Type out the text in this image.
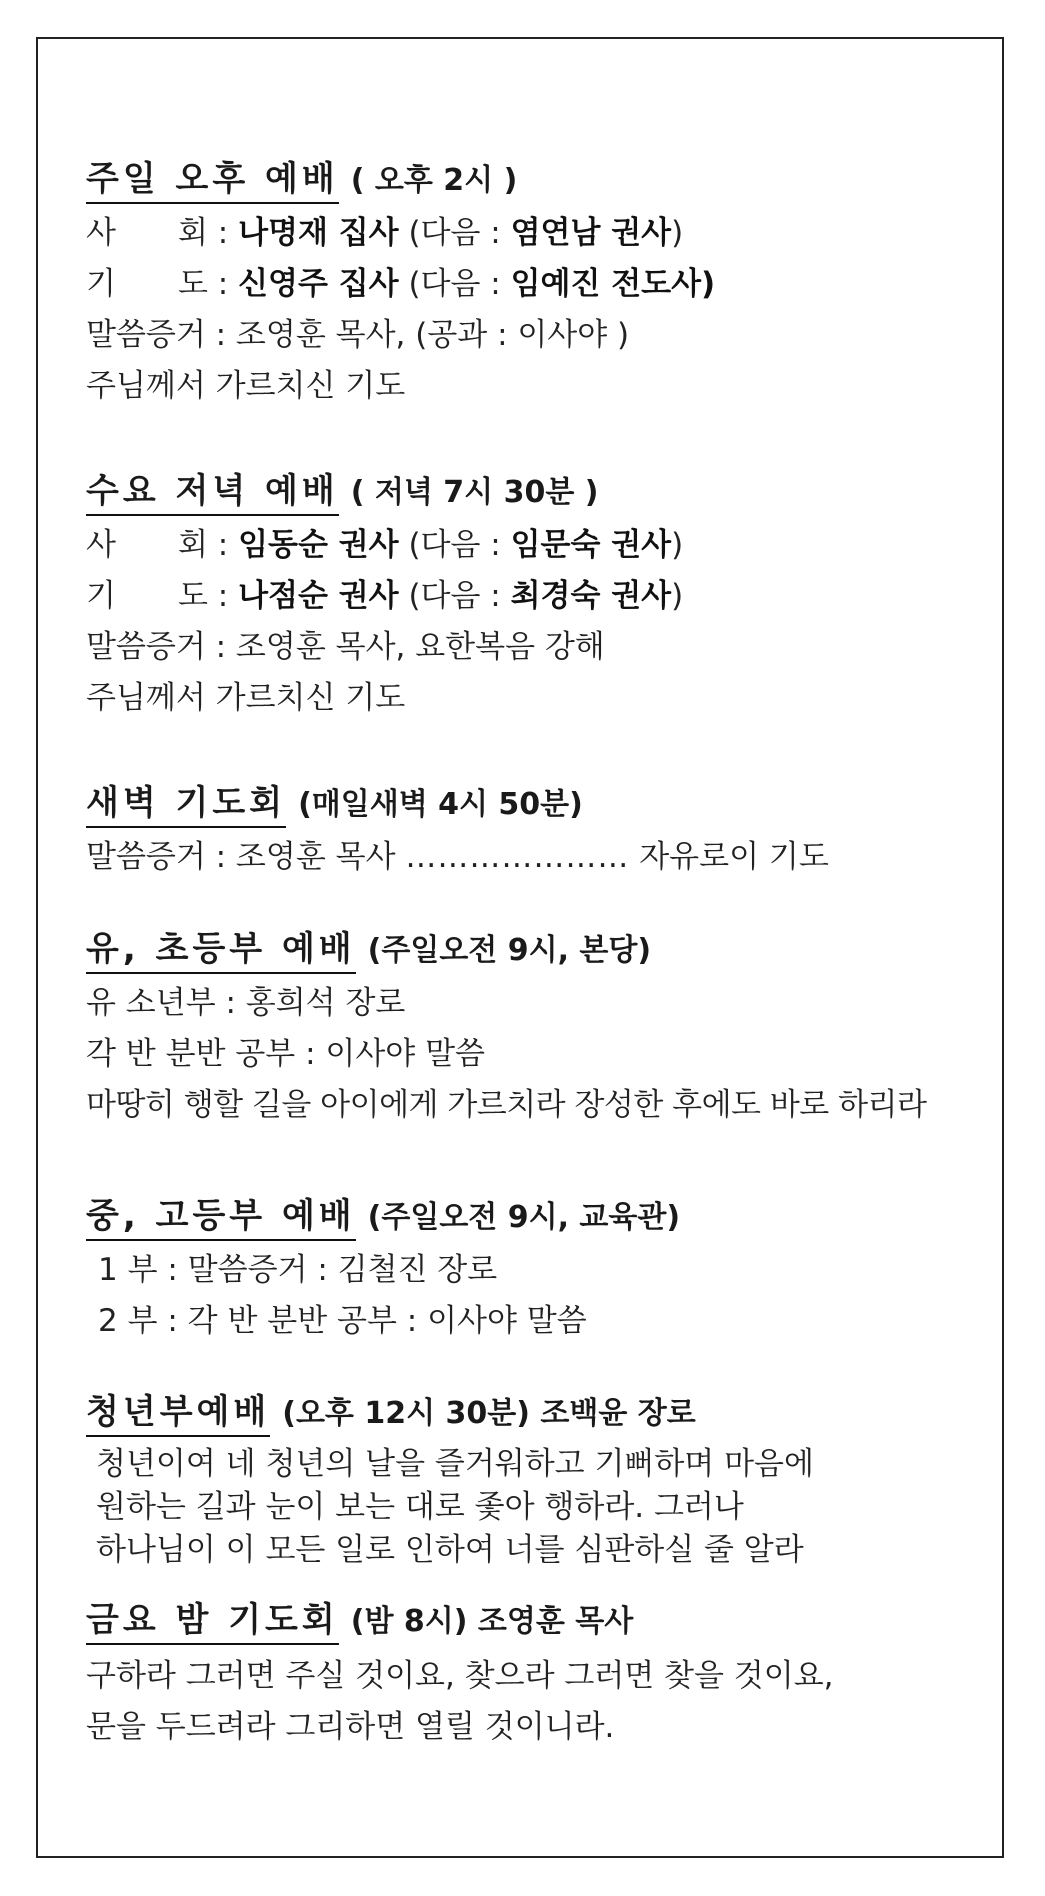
주일 오후 예배 ( 오후 2시 )
사　　회 : 나명재 집사 (다음 : 염연남 권사)
기　　도 : 신영주 집사 (다음 : 임예진 전도사)
말씀증거 : 조영훈 목사, (공과 : 이사야 )
주님께서 가르치신 기도
수요 저녁 예배 ( 저녁 7시 30분 )
사　　회 : 임동순 권사 (다음 : 임문숙 권사)
기　　도 : 나점순 권사 (다음 : 최경숙 권사)
말씀증거 : 조영훈 목사, 요한복음 강해
주님께서 가르치신 기도
새벽 기도회 (매일새벽 4시 50분)
말씀증거 : 조영훈 목사 ………………… 자유로이 기도
유, 초등부 예배 (주일오전 9시, 본당)
유 소년부 : 홍희석 장로
각 반 분반 공부 : 이사야 말씀
마땅히 행할 길을 아이에게 가르치라 장성한 후에도 바로 하리라
중, 고등부 예배 (주일오전 9시, 교육관)
1 부 : 말씀증거 : 김철진 장로
2 부 : 각 반 분반 공부 : 이사야 말씀
청년부예배 (오후 12시 30분) 조백윤 장로
청년이여 네 청년의 날을 즐거워하고 기뻐하며 마음에
원하는 길과 눈이 보는 대로 좇아 행하라. 그러나
하나님이 이 모든 일로 인하여 너를 심판하실 줄 알라
금요 밤 기도회 (밤 8시) 조영훈 목사
구하라 그러면 주실 것이요, 찾으라 그러면 찾을 것이요,
문을 두드려라 그리하면 열릴 것이니라.
